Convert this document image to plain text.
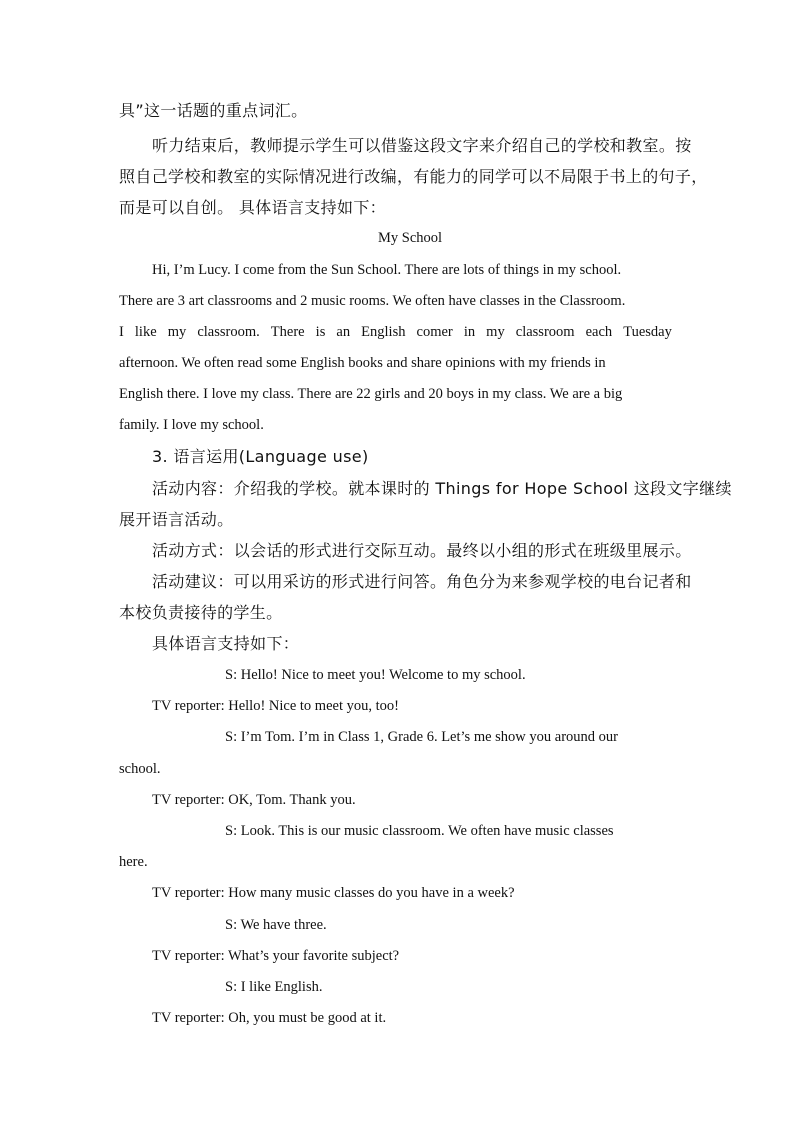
具”这一话题的重点词汇。
听力结束后，教师提示学生可以借鉴这段文字来介绍自己的学校和教室。按
照自己学校和教室的实际情况进行改编，有能力的同学可以不局限于书上的句子，
而是可以自创。 具体语言支持如下：
My School
Hi, I’m Lucy. I come from the Sun School. There are lots of things in my school.
There are 3 art classrooms and 2 music rooms. We often have classes in the Classroom.
I like my classroom. There is an English comer in my classroom each Tuesday
afternoon. We often read some English books and share opinions with my friends in
English there. I love my class. There are 22 girls and 20 boys in my class. We are a big
family. I love my school.
3. 语言运用(Language use)
活动内容：介绍我的学校。就本课时的 Things for Hope School 这段文字继续
展开语言活动。
活动方式：以会话的形式进行交际互动。最终以小组的形式在班级里展示。
活动建议：可以用采访的形式进行问答。角色分为来参观学校的电台记者和
本校负责接待的学生。
具体语言支持如下：
S: Hello! Nice to meet you! Welcome to my school.
TV reporter: Hello! Nice to meet you, too!
S: I’m Tom. I’m in Class 1, Grade 6. Let’s me show you around our
school.
TV reporter: OK, Tom. Thank you.
S: Look. This is our music classroom. We often have music classes
here.
TV reporter: How many music classes do you have in a week?
S: We have three.
TV reporter: What’s your favorite subject?
S: I like English.
TV reporter: Oh, you must be good at it.
